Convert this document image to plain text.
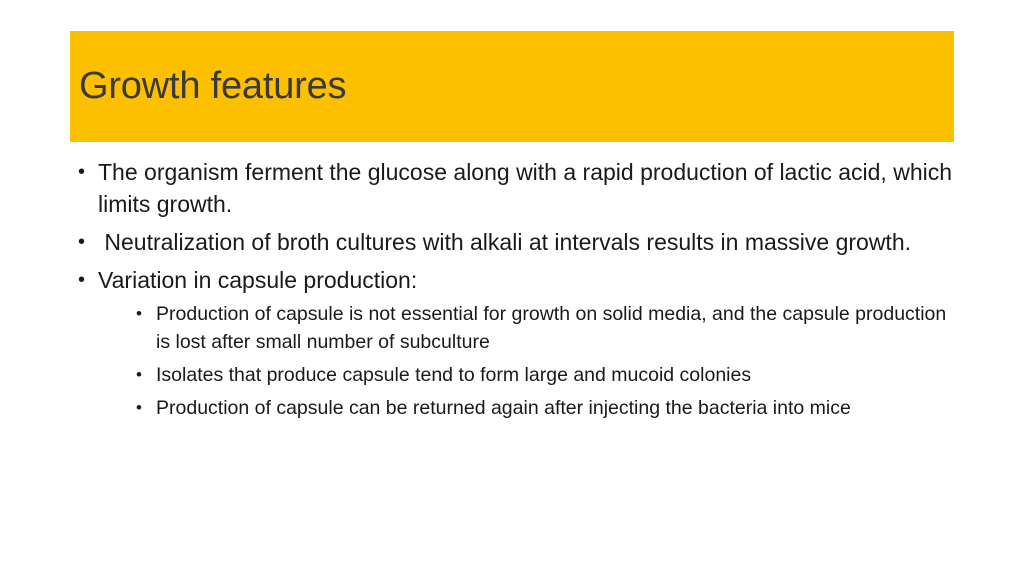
Growth features
• The organism ferment the glucose along with a rapid production of lactic acid, which limits growth.
• Neutralization of broth cultures with alkali at intervals results in massive growth.
• Variation in capsule production:
• Production of capsule is not essential for growth on solid media, and the capsule production is lost after small number of subculture
• Isolates that produce capsule tend to form large and mucoid colonies
• Production of capsule can be returned again after injecting the bacteria into mice
